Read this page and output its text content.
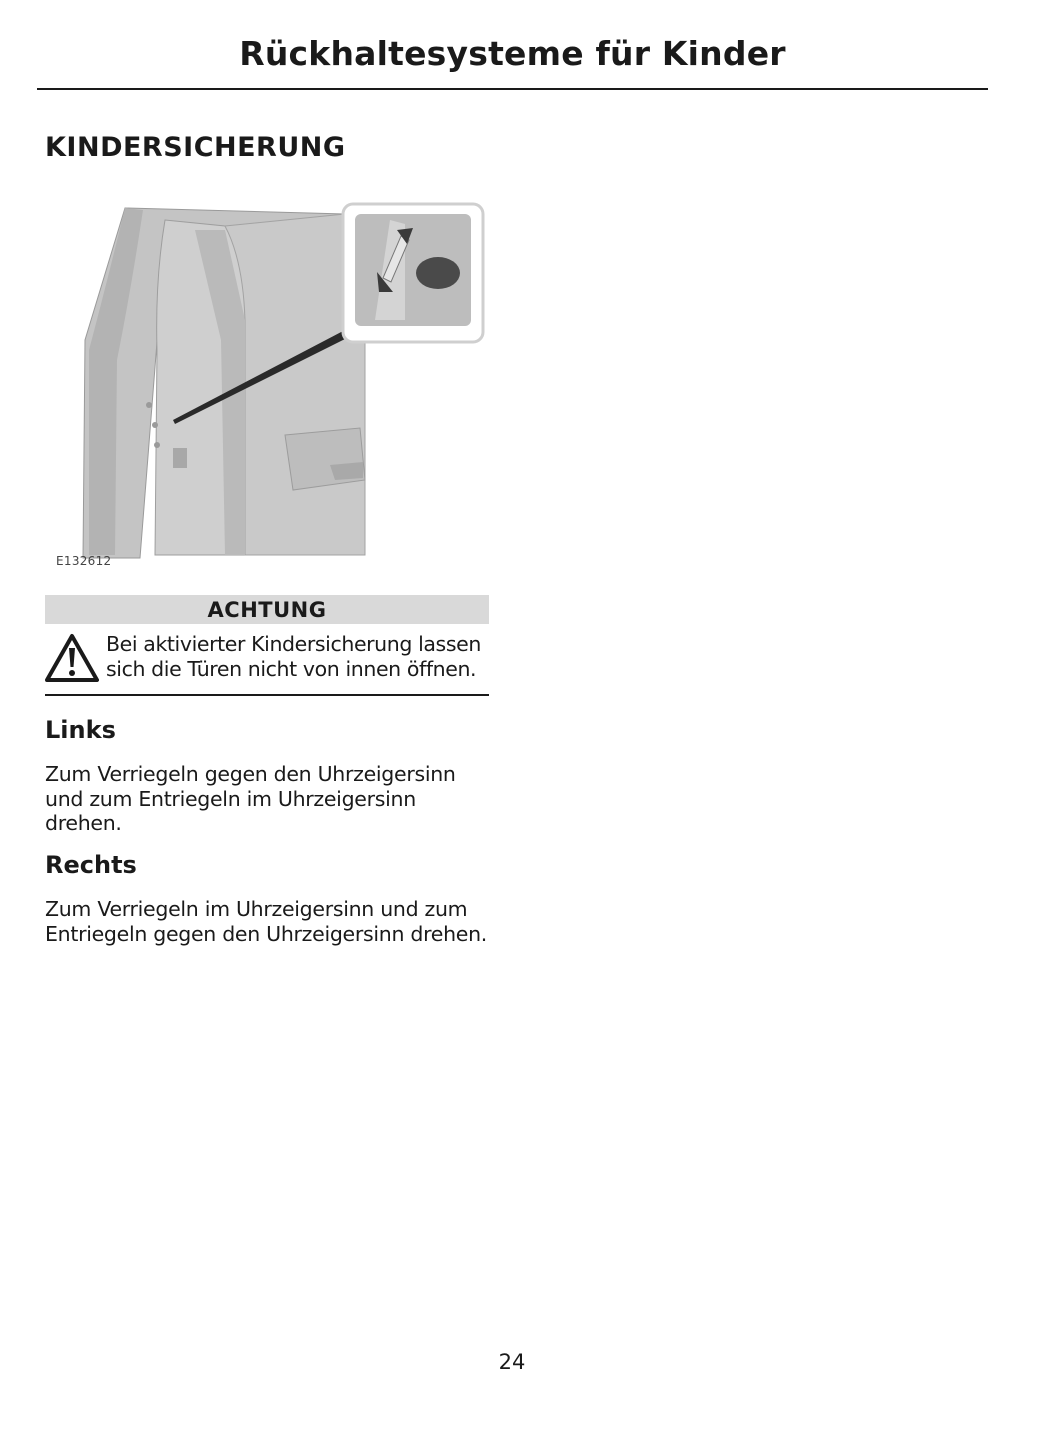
Rückhaltesysteme für Kinder
KINDERSICHERUNG
E132612
ACHTUNG

Bei aktivierter Kindersicherung lassen sich die Türen nicht von innen öffnen.

Links

Zum Verriegeln gegen den Uhrzeigersinn und zum Entriegeln im Uhrzeigersinn drehen.

Rechts

Zum Verriegeln im Uhrzeigersinn und zum Entriegeln gegen den Uhrzeigersinn drehen.

24
